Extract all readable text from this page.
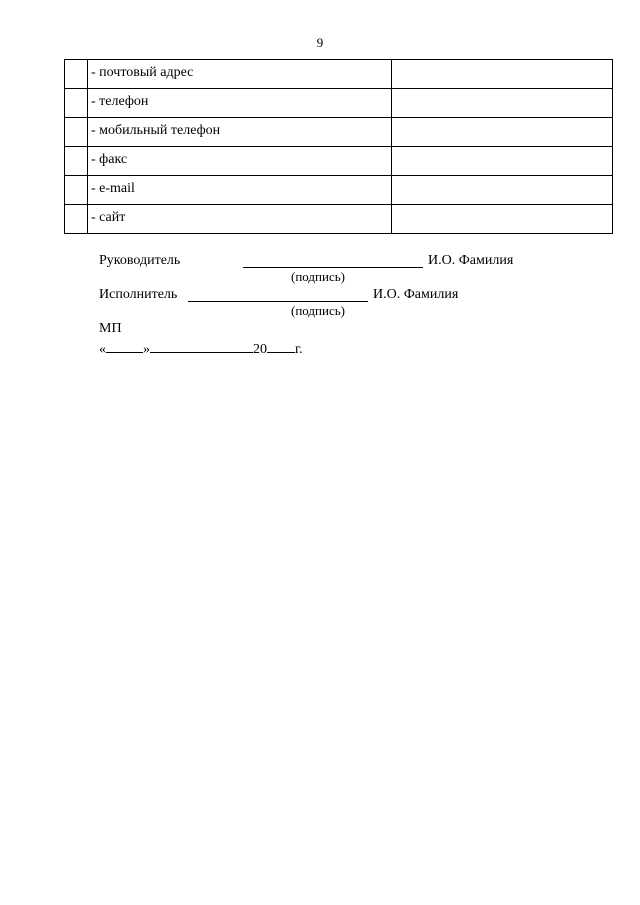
9
	- почтовый адрес	
	- телефон	
	- мобильный телефон	
	- факс	
	- e-mail	
	- сайт	
Руководитель	И.О. Фамилия
(подпись)
Исполнитель	И.О. Фамилия
(подпись)
МП
«	»	20 г.
